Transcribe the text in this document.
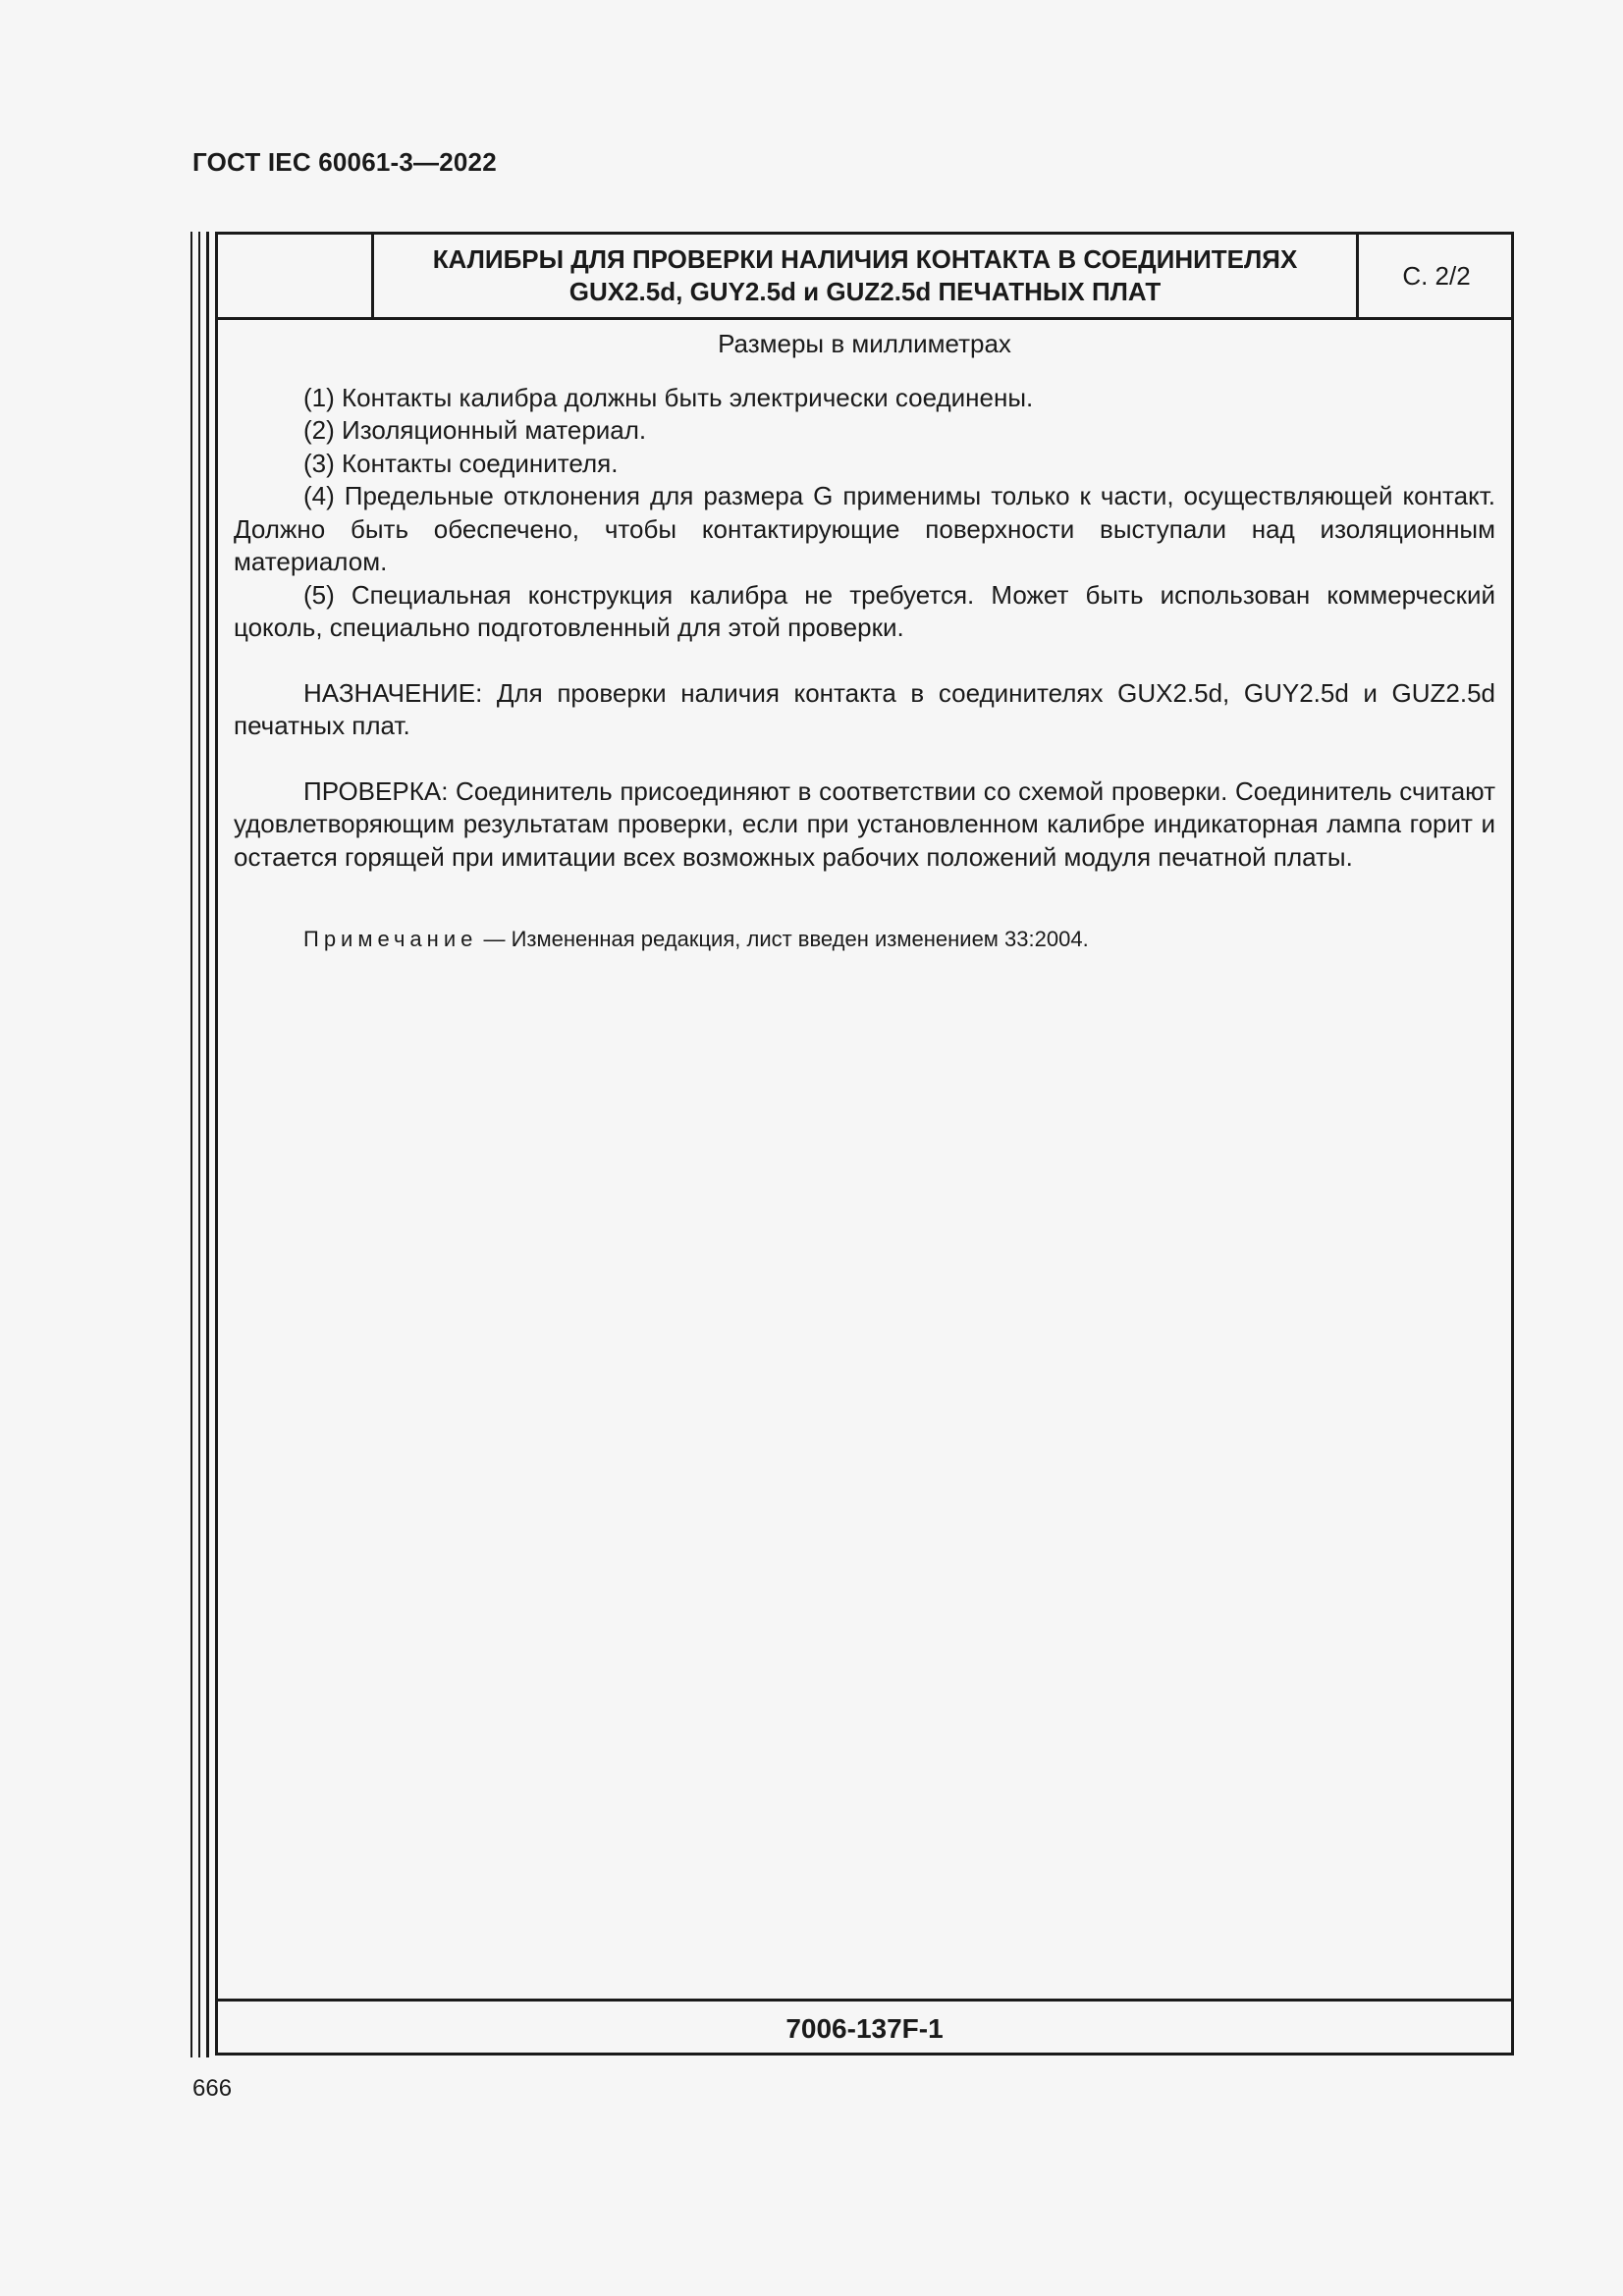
ГОСТ IEC 60061-3—2022
КАЛИБРЫ ДЛЯ ПРОВЕРКИ НАЛИЧИЯ КОНТАКТА В СОЕДИНИТЕЛЯХ
GUX2.5d, GUY2.5d и GUZ2.5d ПЕЧАТНЫХ ПЛАТ
С. 2/2
Размеры в миллиметрах

(1) Контакты калибра должны быть электрически соединены.

(2) Изоляционный материал.

(3) Контакты соединителя.

(4) Предельные отклонения для размера G применимы только к части, осуществляющей контакт. Должно быть обеспечено, чтобы контактирующие поверхности выступали над изоляционным материалом.

(5) Специальная конструкция калибра не требуется. Может быть использован коммерческий цоколь, специально подготовленный для этой проверки.

НАЗНАЧЕНИЕ: Для проверки наличия контакта в соединителях GUX2.5d, GUY2.5d и GUZ2.5d печатных плат.

ПРОВЕРКА: Соединитель присоединяют в соответствии со схемой проверки. Соединитель считают удовлетворяющим результатам проверки, если при установленном калибре индикаторная лампа горит и остается горящей при имитации всех возможных рабочих положений модуля печатной платы.

Примечание — Измененная редакция, лист введен изменением 33:2004.
7006-137F-1
666
